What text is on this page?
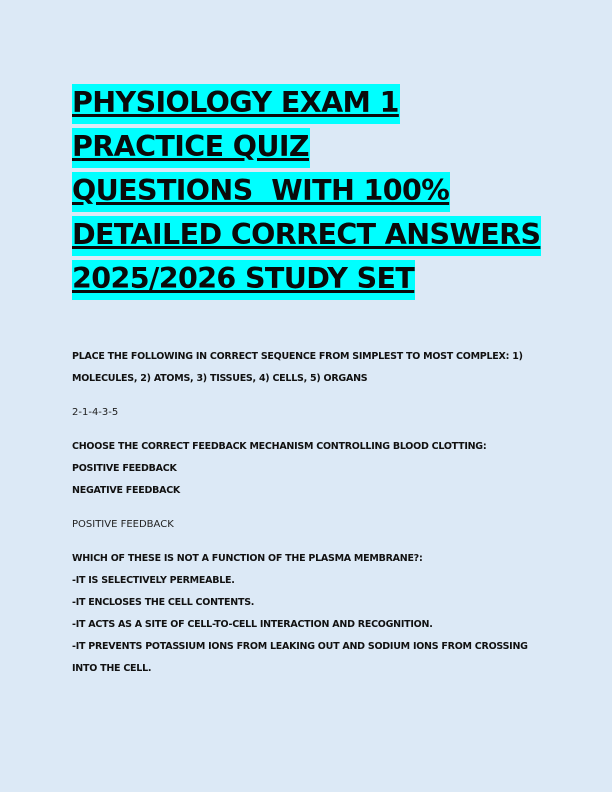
PHYSIOLOGY EXAM 1
PRACTICE QUIZ
QUESTIONS  WITH 100%
DETAILED CORRECT ANSWERS
2025/2026 STUDY SET

PLACE THE FOLLOWING IN CORRECT SEQUENCE FROM SIMPLEST TO MOST COMPLEX: 1)

MOLECULES, 2) ATOMS, 3) TISSUES, 4) CELLS, 5) ORGANS

2-1-4-3-5

CHOOSE THE CORRECT FEEDBACK MECHANISM CONTROLLING BLOOD CLOTTING:

POSITIVE FEEDBACK

NEGATIVE FEEDBACK

POSITIVE FEEDBACK

WHICH OF THESE IS NOT A FUNCTION OF THE PLASMA MEMBRANE?:

-IT IS SELECTIVELY PERMEABLE.

-IT ENCLOSES THE CELL CONTENTS.

-IT ACTS AS A SITE OF CELL-TO-CELL INTERACTION AND RECOGNITION.

-IT PREVENTS POTASSIUM IONS FROM LEAKING OUT AND SODIUM IONS FROM CROSSING

INTO THE CELL.
